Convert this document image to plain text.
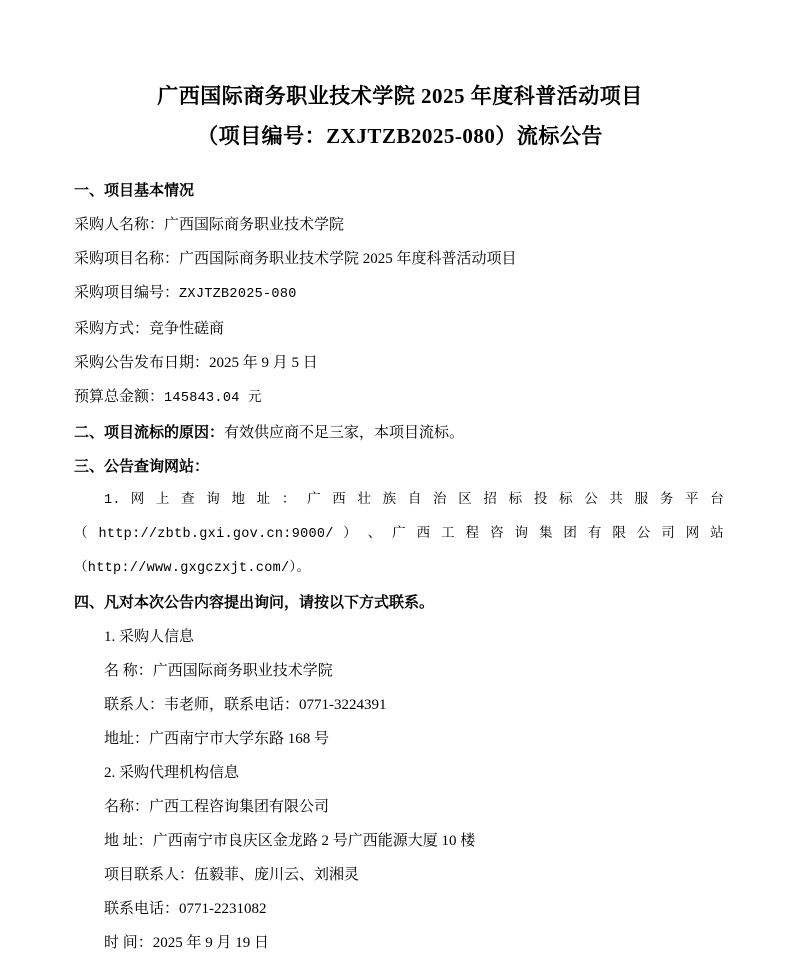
广西国际商务职业技术学院 2025 年度科普活动项目
（项目编号：ZXJTZB2025-080）流标公告

一、项目基本情况

采购人名称：广西国际商务职业技术学院

采购项目名称：广西国际商务职业技术学院 2025 年度科普活动项目

采购项目编号：ZXJTZB2025-080

采购方式：竞争性磋商

采购公告发布日期：2025 年 9 月 5 日

预算总金额：145843.04 元

二、项目流标的原因：有效供应商不足三家，本项目流标。

三、公告查询网站：

1. 网 上 查 询 地 址 ： 广 西 壮 族 自 治 区 招 标 投 标 公 共 服 务 平 台

（ http://zbtb.gxi.gov.cn:9000/ ） 、 广 西 工 程 咨 询 集 团 有 限 公 司 网 站

（http://www.gxgczxjt.com/）。

四、凡对本次公告内容提出询问，请按以下方式联系。

1. 采购人信息

名 称：广西国际商务职业技术学院

联系人：韦老师，联系电话：0771-3224391

地址：广西南宁市大学东路 168 号

2. 采购代理机构信息

名称：广西工程咨询集团有限公司

地 址：广西南宁市良庆区金龙路 2 号广西能源大厦 10 楼

项目联系人：伍毅菲、庞川云、刘湘灵

联系电话：0771-2231082

时 间：2025 年 9 月 19 日
